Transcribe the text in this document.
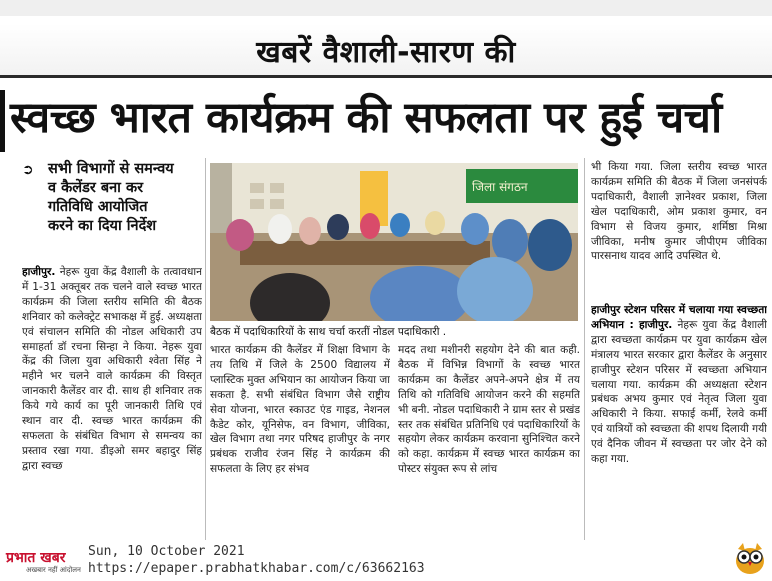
खबरें वैशाली-सारण की
स्वच्छ भारत कार्यक्रम की सफलता पर हुई चर्चा
➲ सभी विभागों से समन्वय
व कैलेंडर बना कर
गतिविधि आयोजित
करने का दिया निर्देश
हाजीपुर. नेहरू युवा केंद्र वैशाली के तत्वावधान में 1-31 अक्तूबर तक चलने वाले स्वच्छ भारत कार्यक्रम की जिला स्तरीय समिति की बैठक शनिवार को कलेक्ट्रेट सभाकक्ष में हुई. अध्यक्षता एवं संचालन समिति की नोडल अधिकारी उप समाहर्ता डॉ रचना सिन्हा ने किया. नेहरू युवा केंद्र की जिला युवा अधिकारी श्वेता सिंह ने महीने भर चलने वाले कार्यक्रम की विस्तृत जानकारी कैलेंडर वार दी. साथ ही शनिवार तक किये गये कार्य का पूरी जानकारी तिथि एवं स्थान वार दी. स्वच्छ भारत कार्यक्रम की सफलता के संबंधित विभाग से समन्वय का प्रस्ताव रखा गया. डीइओ समर बहादुर सिंह द्वारा स्वच्छ
जिला संगठन
बैठक में पदाधिकारियों के साथ चर्चा करतीं नोडल पदाधिकारी .
भारत कार्यक्रम की कैलेंडर में शिक्षा विभाग के तय तिथि में जिले के 2500 विद्यालय में प्लास्टिक मुक्त अभियान का आयोजन किया जा सकता है. सभी संबंधित विभाग जैसे राष्ट्रीय सेवा योजना, भारत स्काउट एंड गाइड, नेशनल कैडेट कोर, यूनिसेफ, वन विभाग, जीविका, खेल विभाग तथा नगर परिषद हाजीपुर के नगर प्रबंधक राजीव रंजन सिंह ने कार्यक्रम की सफलता के लिए हर संभव
मदद तथा मशीनरी सहयोग देने की बात कही. बैठक में विभिन्न विभागों के स्वच्छ भारत कार्यक्रम का कैलेंडर अपने-अपने क्षेत्र में तय तिथि को गतिविधि आयोजन करने की सहमति भी बनी. नोडल पदाधिकारी ने ग्राम स्तर से प्रखंड स्तर तक संबंधित प्रतिनिधि एवं पदाधिकारियों के सहयोग लेकर कार्यक्रम करवाना सुनिश्चित करने को कहा. कार्यक्रम में स्वच्छ भारत कार्यक्रम का पोस्टर संयुक्त रूप से लांच
भी किया गया. जिला स्तरीय स्वच्छ भारत कार्यक्रम समिति की बैठक में जिला जनसंपर्क पदाधिकारी, वैशाली ज्ञानेश्वर प्रकाश, जिला खेल पदाधिकारी, ओम प्रकाश कुमार, वन विभाग से विजय कुमार, शर्मिष्ठा मिश्रा जीविका, मनीष कुमार जीपीएम जीविका पारसनाथ यादव आदि उपस्थित थे.
हाजीपुर स्टेशन परिसर में चलाया गया स्वच्छता अभियान : हाजीपुर. नेहरू युवा केंद्र वैशाली द्वारा स्वच्छता कार्यक्रम पर युवा कार्यक्रम खेल मंत्रालय भारत सरकार द्वारा कैलेंडर के अनुसार हाजीपुर स्टेशन परिसर में स्वच्छता अभियान चलाया गया. कार्यक्रम की अध्यक्षता स्टेशन प्रबंधक अभय कुमार एवं नेतृत्व जिला युवा अधिकारी ने किया. सफाई कर्मी, रेलवे कर्मी एवं यात्रियों को स्वच्छता की शपथ दिलायी गयी एवं दैनिक जीवन में स्वच्छता पर जोर देने को कहा गया.
प्रभात खबर
अखबार नहीं आंदोलन
Sun, 10 October 2021
https://epaper.prabhatkhabar.com/c/63662163
